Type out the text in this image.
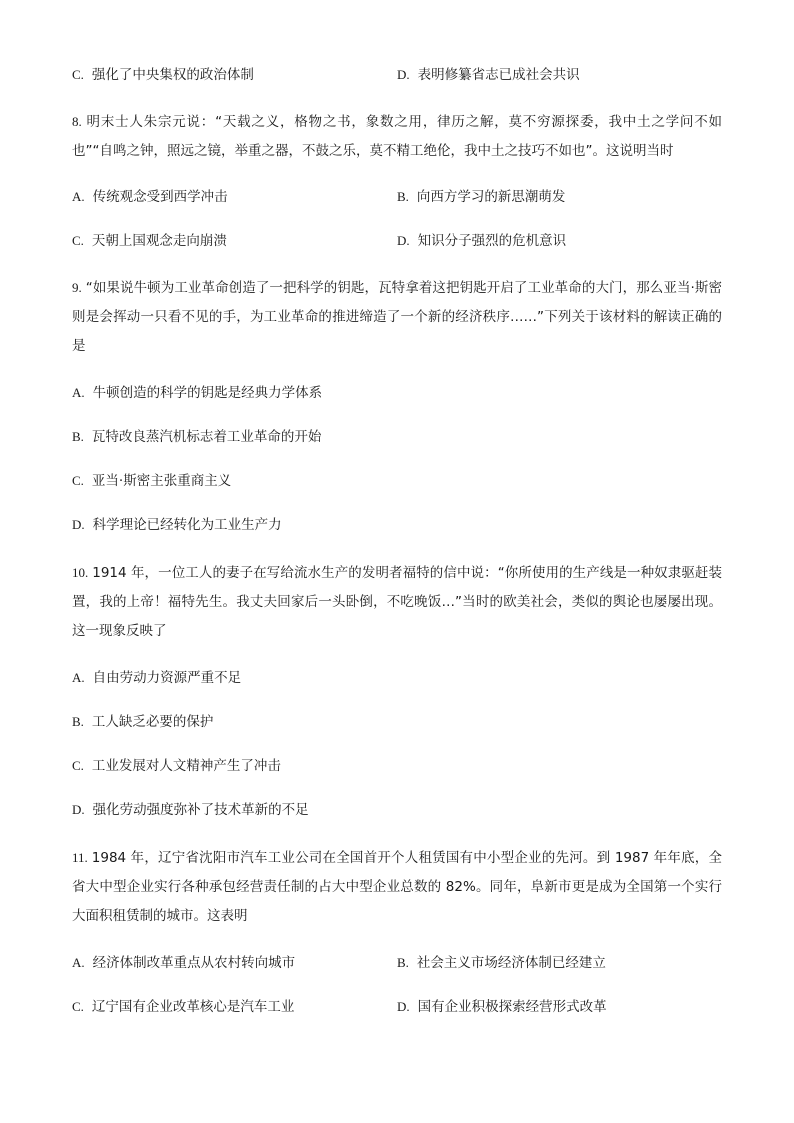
C. 强化了中央集权的政治体制	D. 表明修纂省志已成社会共识
8. 明末士人朱宗元说：“天载之义，格物之书，象数之用，律历之解，莫不穷源探委，我中土之学问不如也”“自鸣之钟，照远之镜，举重之器，不鼓之乐，莫不精工绝伦，我中土之技巧不如也”。这说明当时
A. 传统观念受到西学冲击	B. 向西方学习的新思潮萌发
C. 天朝上国观念走向崩溃	D. 知识分子强烈的危机意识
9. “如果说牛顿为工业革命创造了一把科学的钥匙，瓦特拿着这把钥匙开启了工业革命的大门，那么亚当·斯密则是会挥动一只看不见的手，为工业革命的推进缔造了一个新的经济秩序……”下列关于该材料的解读正确的是
A. 牛顿创造的科学的钥匙是经典力学体系
B. 瓦特改良蒸汽机标志着工业革命的开始
C. 亚当·斯密主张重商主义
D. 科学理论已经转化为工业生产力
10. 1914 年，一位工人的妻子在写给流水生产的发明者福特的信中说：“你所使用的生产线是一种奴隶驱赶装置，我的上帝！福特先生。我丈夫回家后一头卧倒，不吃晚饭…”当时的欧美社会，类似的舆论也屡屡出现。这一现象反映了
A. 自由劳动力资源严重不足
B. 工人缺乏必要的保护
C. 工业发展对人文精神产生了冲击
D. 强化劳动强度弥补了技术革新的不足
11. 1984 年，辽宁省沈阳市汽车工业公司在全国首开个人租赁国有中小型企业的先河。到 1987 年年底，全省大中型企业实行各种承包经营责任制的占大中型企业总数的 82%。同年，阜新市更是成为全国第一个实行大面积租赁制的城市。这表明
A. 经济体制改革重点从农村转向城市	B. 社会主义市场经济体制已经建立
C. 辽宁国有企业改革核心是汽车工业	D. 国有企业积极探索经营形式改革
